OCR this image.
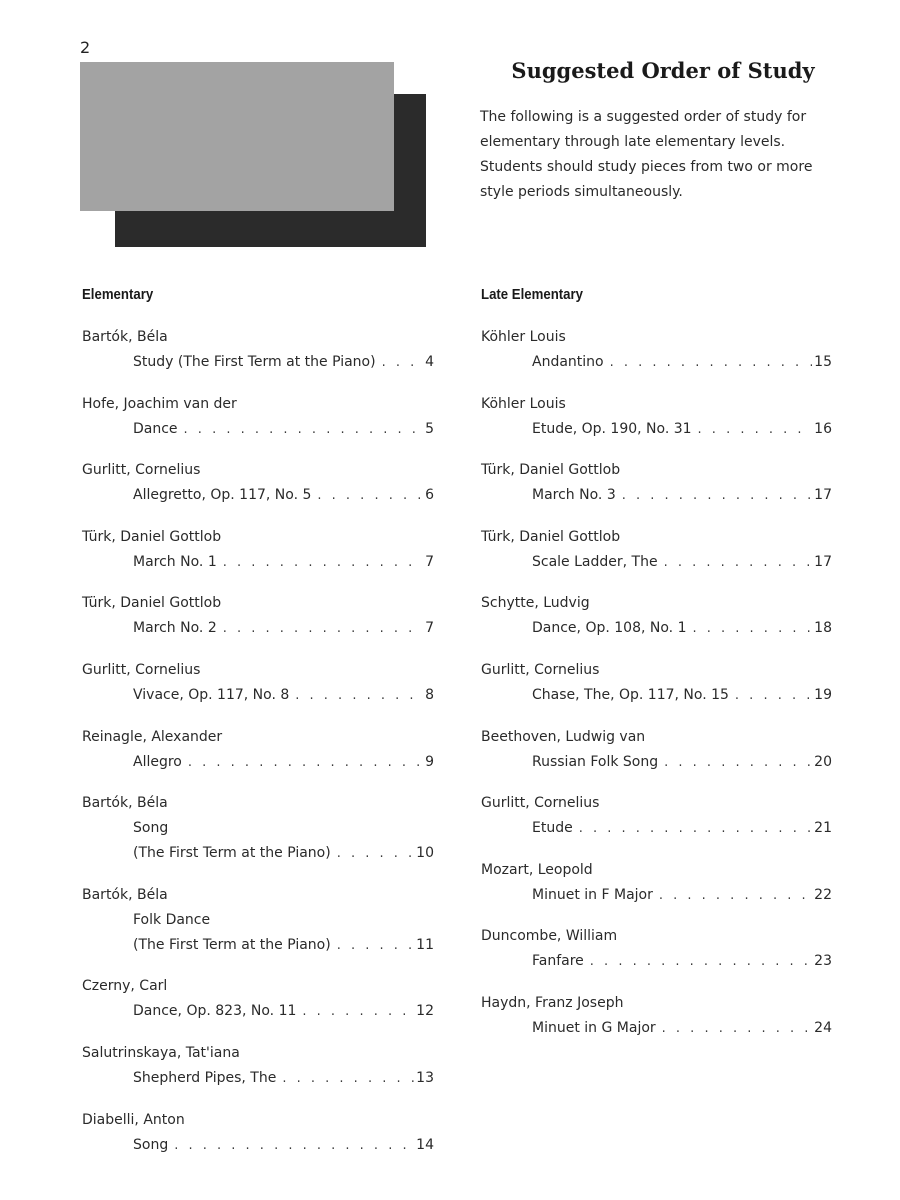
2
Suggested Order of Study

The following is a suggested order of study for elementary through late elementary levels. Students should study pieces from two or more style periods simultaneously.

Elementary
Bartók, Béla
Study (The First Term at the Piano) . . .	4
Hofe, Joachim van der
Dance . . .	5
Gurlitt, Cornelius
Allegretto, Op. 117, No. 5 . . .	6
Türk, Daniel Gottlob
March No. 1 . . .	7
Türk, Daniel Gottlob
March No. 2 . . .	7
Gurlitt, Cornelius
Vivace, Op. 117, No. 8 . . .	8
Reinagle, Alexander
Allegro . . .	9
Bartók, Béla
Song
(The First Term at the Piano) . . .	10
Bartók, Béla
Folk Dance
(The First Term at the Piano) . . .	11
Czerny, Carl
Dance, Op. 823, No. 11 . . .	12
Salutrinskaya, Tat'iana
Shepherd Pipes, The . . .	13
Diabelli, Anton
Song . . .	14
Late Elementary
Köhler Louis
Andantino . . .	15
Köhler Louis
Etude, Op. 190, No. 31 . . .	16
Türk, Daniel Gottlob
March No. 3 . . .	17
Türk, Daniel Gottlob
Scale Ladder, The . . .	17
Schytte, Ludvig
Dance, Op. 108, No. 1 . . .	18
Gurlitt, Cornelius
Chase, The, Op. 117, No. 15 . . .	19
Beethoven, Ludwig van
Russian Folk Song . . .	20
Gurlitt, Cornelius
Etude . . .	21
Mozart, Leopold
Minuet in F Major . . .	22
Duncombe, William
Fanfare . . .	23
Haydn, Franz Joseph
Minuet in G Major . . .	24
